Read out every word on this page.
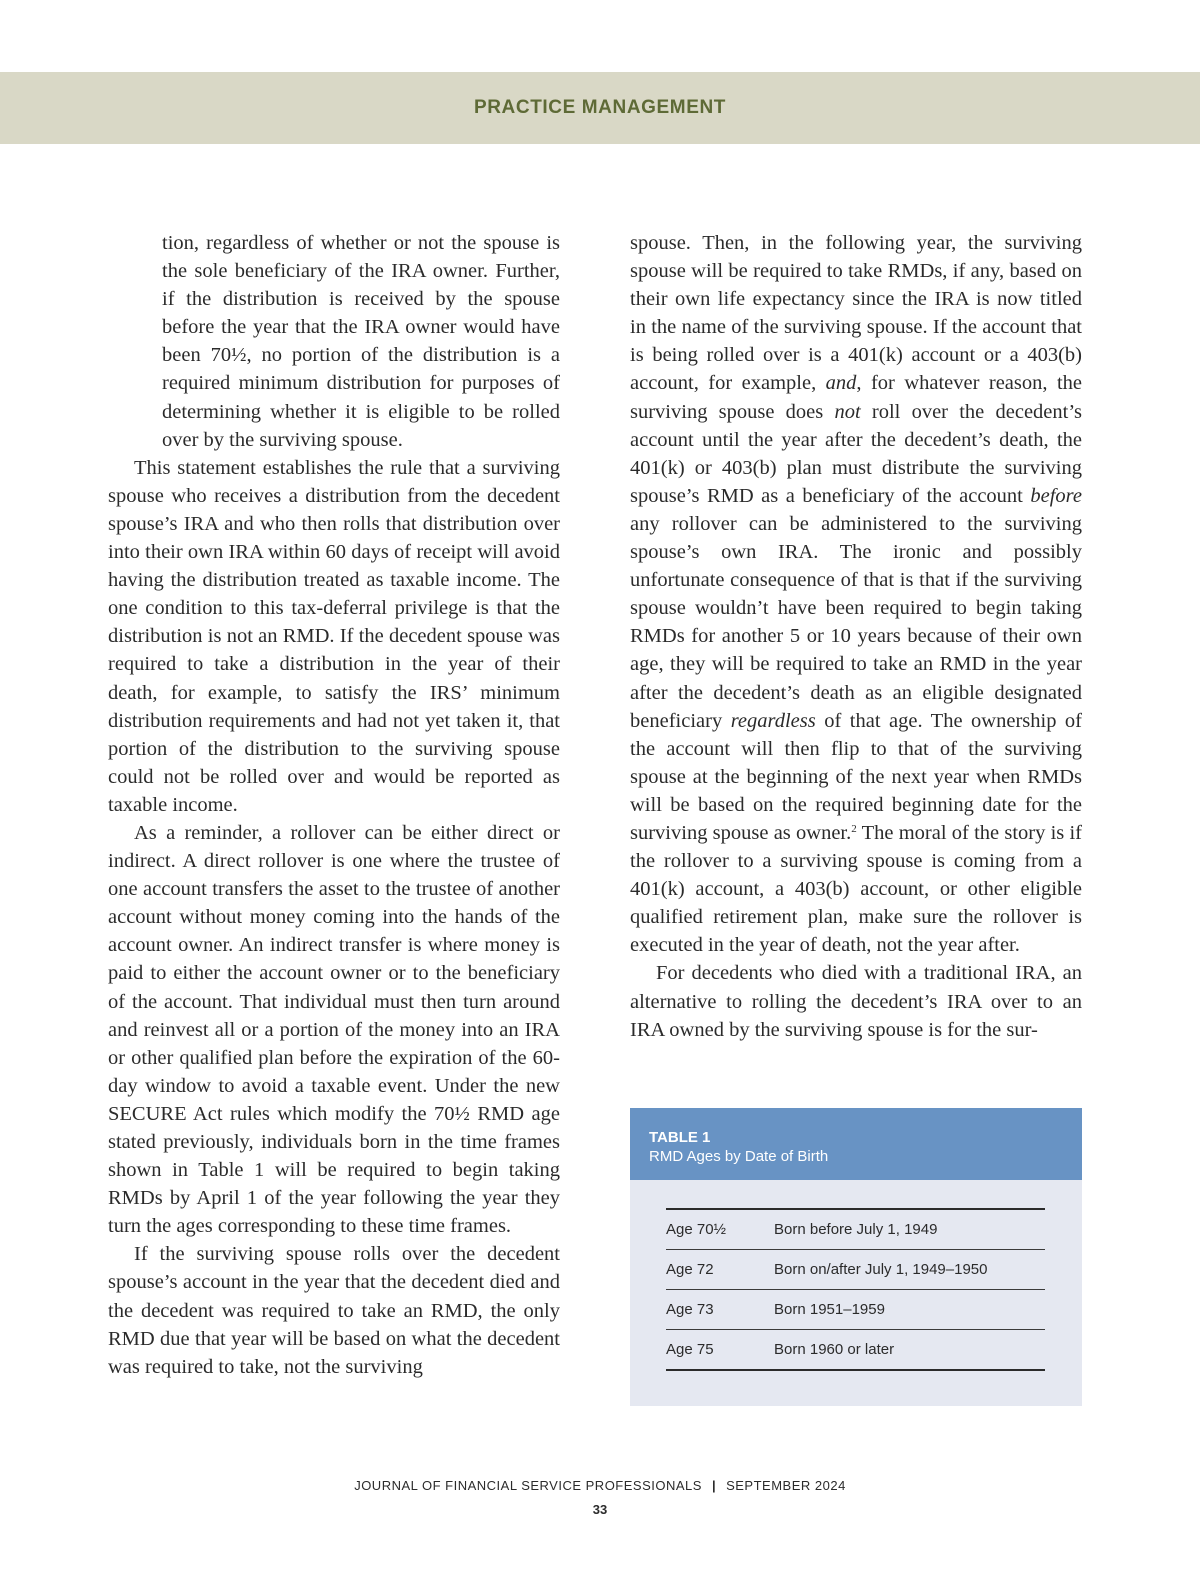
PRACTICE MANAGEMENT

tion, regardless of whether or not the spouse is the sole beneficiary of the IRA owner. Further, if the distribution is received by the spouse before the year that the IRA owner would have been 70½, no portion of the distribution is a required minimum distribution for purposes of determining whether it is eligible to be rolled over by the surviving spouse.

This statement establishes the rule that a surviving spouse who receives a distribution from the decedent spouse’s IRA and who then rolls that distribution over into their own IRA within 60 days of receipt will avoid having the distribution treated as taxable income. The one condition to this tax-deferral privilege is that the distribution is not an RMD. If the decedent spouse was required to take a distribution in the year of their death, for example, to satisfy the IRS’ minimum distribution requirements and had not yet taken it, that portion of the distribution to the surviving spouse could not be rolled over and would be reported as taxable income.

As a reminder, a rollover can be either direct or indirect. A direct rollover is one where the trustee of one account transfers the asset to the trustee of another account without money coming into the hands of the account owner. An indirect transfer is where money is paid to either the account owner or to the beneficiary of the account. That individual must then turn around and reinvest all or a portion of the money into an IRA or other qualified plan before the expiration of the 60-day window to avoid a taxable event. Under the new SECURE Act rules which modify the 70½ RMD age stated previously, individuals born in the time frames shown in Table 1 will be required to begin taking RMDs by April 1 of the year following the year they turn the ages corresponding to these time frames.

If the surviving spouse rolls over the decedent spouse’s account in the year that the decedent died and the decedent was required to take an RMD, the only RMD due that year will be based on what the decedent was required to take, not the surviving

spouse. Then, in the following year, the surviving spouse will be required to take RMDs, if any, based on their own life expectancy since the IRA is now titled in the name of the surviving spouse. If the account that is being rolled over is a 401(k) account or a 403(b) account, for example, and, for whatever reason, the surviving spouse does not roll over the decedent’s account until the year after the decedent’s death, the 401(k) or 403(b) plan must distribute the surviving spouse’s RMD as a beneficiary of the account before any rollover can be administered to the surviving spouse’s own IRA. The ironic and possibly unfortunate consequence of that is that if the surviving spouse wouldn’t have been required to begin taking RMDs for another 5 or 10 years because of their own age, they will be required to take an RMD in the year after the decedent’s death as an eligible designated beneficiary regardless of that age. The ownership of the account will then flip to that of the surviving spouse at the beginning of the next year when RMDs will be based on the required beginning date for the surviving spouse as owner.$^2$ The moral of the story is if the rollover to a surviving spouse is coming from a 401(k) account, a 403(b) account, or other eligible qualified retirement plan, make sure the rollover is executed in the year of death, not the year after.

For decedents who died with a traditional IRA, an alternative to rolling the decedent’s IRA over to an IRA owned by the surviving spouse is for the sur-

TABLE 1
RMD Ages by Date of Birth
Age 70½	Born before July 1, 1949
Age 72	Born on/after July 1, 1949–1950
Age 73	Born 1951–1959
Age 75	Born 1960 or later
JOURNAL OF FINANCIAL SERVICE PROFESSIONALS | SEPTEMBER 2024
33
